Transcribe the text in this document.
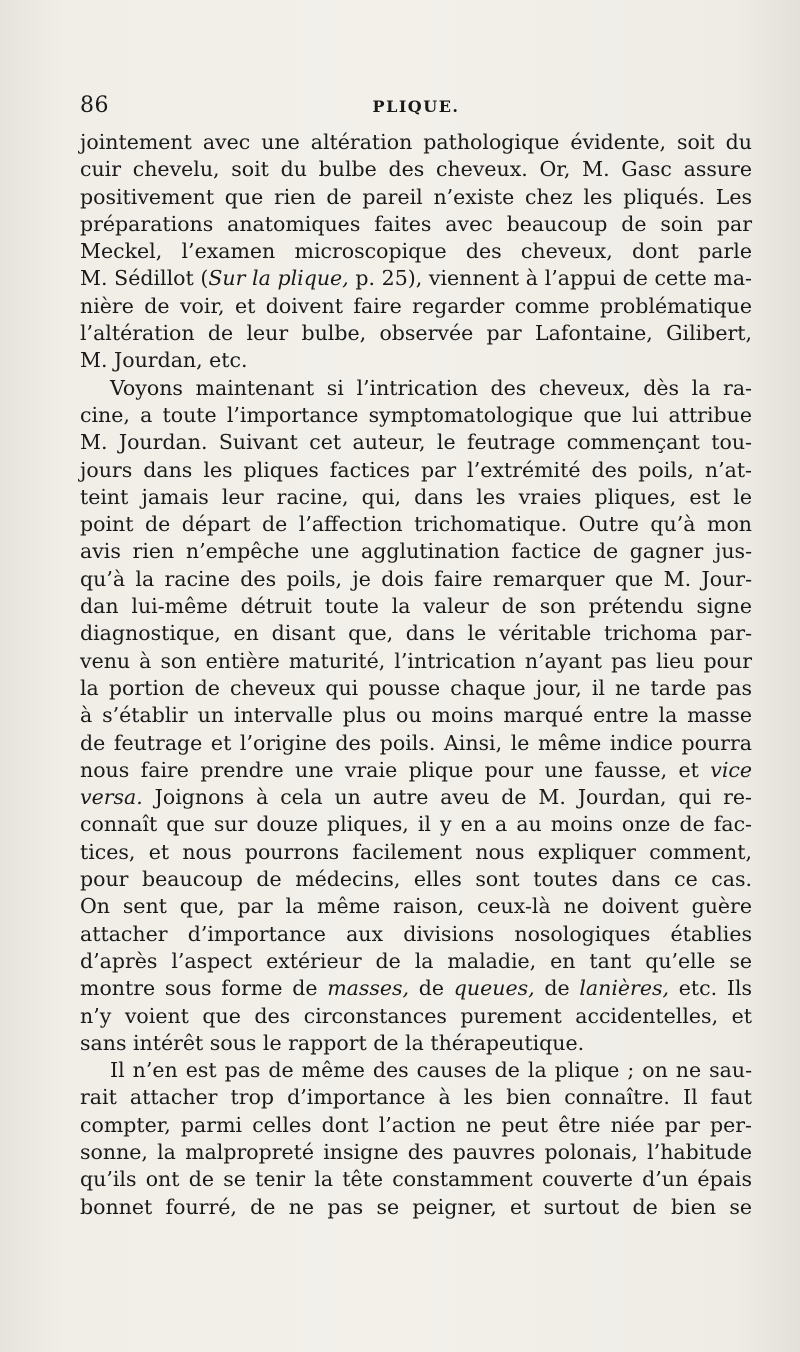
86	PLIQUE.
jointement avec une altération pathologique évidente, soit du
cuir chevelu, soit du bulbe des cheveux. Or, M. Gasc assure
positivement que rien de pareil n’existe chez les pliqués. Les
préparations anatomiques faites avec beaucoup de soin par
Meckel, l’examen microscopique des cheveux, dont parle
M. Sédillot (Sur la plique, p. 25), viennent à l’appui de cette ma-
nière de voir, et doivent faire regarder comme problématique
l’altération de leur bulbe, observée par Lafontaine, Gilibert,
M. Jourdan, etc.
Voyons maintenant si l’intrication des cheveux, dès la ra-
cine, a toute l’importance symptomatologique que lui attribue
M. Jourdan. Suivant cet auteur, le feutrage commençant tou-
jours dans les pliques factices par l’extrémité des poils, n’at-
teint jamais leur racine, qui, dans les vraies pliques, est le
point de départ de l’affection trichomatique. Outre qu’à mon
avis rien n’empêche une agglutination factice de gagner jus-
qu’à la racine des poils, je dois faire remarquer que M. Jour-
dan lui-même détruit toute la valeur de son prétendu signe
diagnostique, en disant que, dans le véritable trichoma par-
venu à son entière maturité, l’intrication n’ayant pas lieu pour
la portion de cheveux qui pousse chaque jour, il ne tarde pas
à s’établir un intervalle plus ou moins marqué entre la masse
de feutrage et l’origine des poils. Ainsi, le même indice pourra
nous faire prendre une vraie plique pour une fausse, et vice
versa. Joignons à cela un autre aveu de M. Jourdan, qui re-
connaît que sur douze pliques, il y en a au moins onze de fac-
tices, et nous pourrons facilement nous expliquer comment,
pour beaucoup de médecins, elles sont toutes dans ce cas.
On sent que, par la même raison, ceux-là ne doivent guère
attacher d’importance aux divisions nosologiques établies
d’après l’aspect extérieur de la maladie, en tant qu’elle se
montre sous forme de masses, de queues, de lanières, etc. Ils
n’y voient que des circonstances purement accidentelles, et
sans intérêt sous le rapport de la thérapeutique.
Il n’en est pas de même des causes de la plique ; on ne sau-
rait attacher trop d’importance à les bien connaître. Il faut
compter, parmi celles dont l’action ne peut être niée par per-
sonne, la malpropreté insigne des pauvres polonais, l’habitude
qu’ils ont de se tenir la tête constamment couverte d’un épais
bonnet fourré, de ne pas se peigner, et surtout de bien se
